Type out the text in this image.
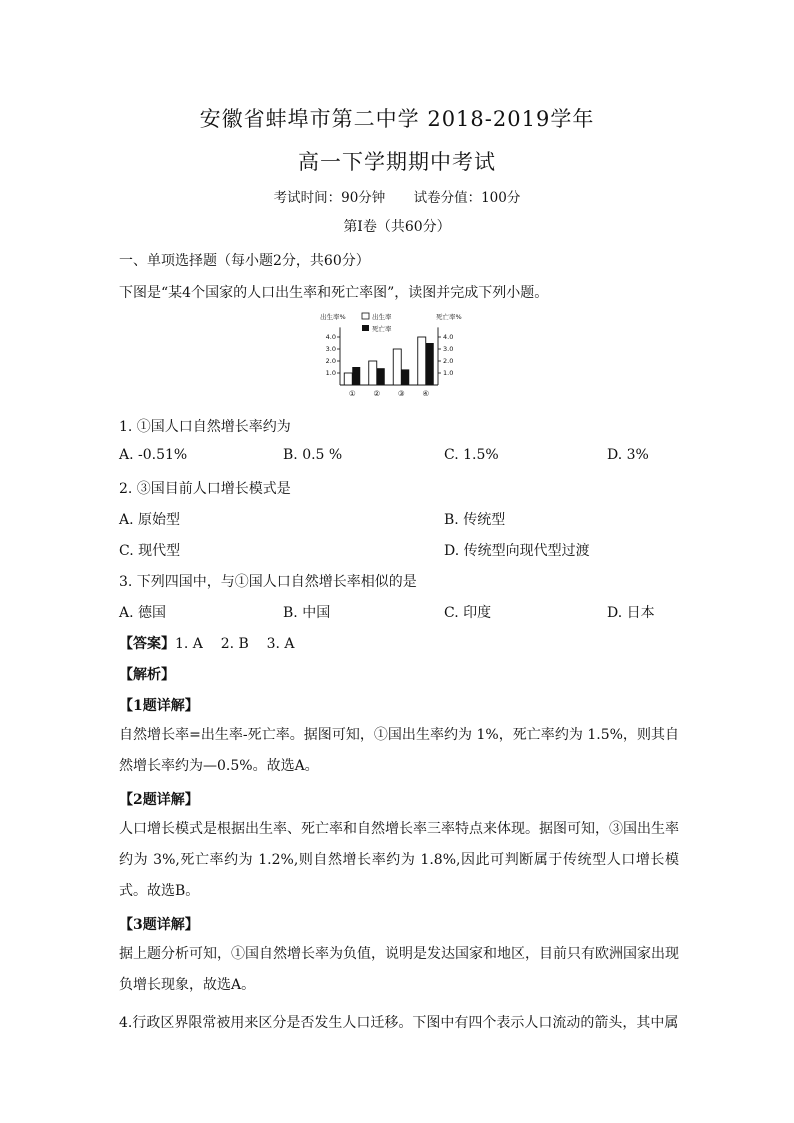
安徽省蚌埠市第二中学 2018-2019学年
高一下学期期中考试
考试时间：90分钟 试卷分值：100分
第Ⅰ卷（共60分）
一、单项选择题（每小题2分，共60分）
下图是“某4个国家的人口出生率和死亡率图”，读图并完成下列小题。
出生率%	死亡率%
出生率
死亡率
1.0	1.0
2.0	2.0
3.0	3.0
4.0	4.0
① ② ③ ④
1. ①国人口自然增长率约为
A. -0.51%	B. 0.5 %	C. 1.5%	D. 3%
2. ③国目前人口增长模式是
A. 原始型	B. 传统型
C. 现代型	D. 传统型向现代型过渡
3. 下列四国中，与①国人口自然增长率相似的是
A. 德国	B. 中国	C. 印度	D. 日本
【答案】1. A    2. B    3. A
【解析】
【1题详解】
自然增长率=出生率-死亡率。据图可知，①国出生率约为 1%，死亡率约为 1.5%，则其自然增长率约为—0.5%。故选A。
【2题详解】
人口增长模式是根据出生率、死亡率和自然增长率三率特点来体现。据图可知，③国出生率约为 3%,死亡率约为 1.2%,则自然增长率约为 1.8%,因此可判断属于传统型人口增长模式。故选B。
【3题详解】
据上题分析可知，①国自然增长率为负值，说明是发达国家和地区，目前只有欧洲国家出现负增长现象，故选A。
4.行政区界限常被用来区分是否发生人口迁移。下图中有四个表示人口流动的箭头，其中属
